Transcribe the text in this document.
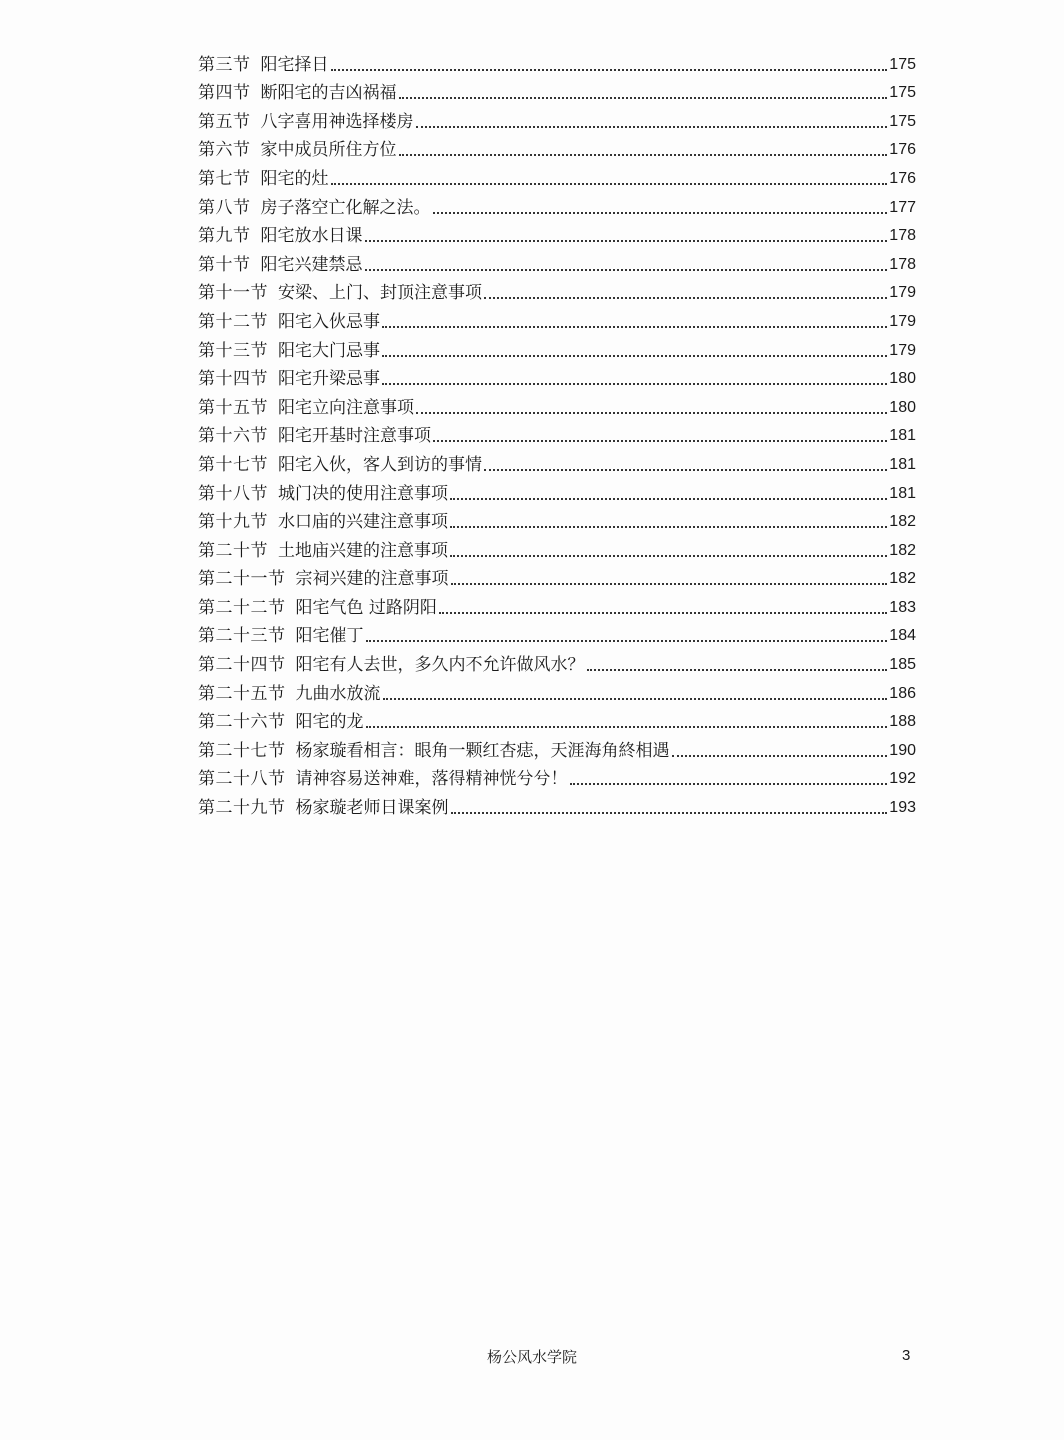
第三节 阳宅择日	175
第四节 断阳宅的吉凶祸福	175
第五节 八字喜用神选择楼房	175
第六节 家中成员所住方位	176
第七节 阳宅的灶	176
第八节 房子落空亡化解之法。	177
第九节 阳宅放水日课	178
第十节 阳宅兴建禁忌	178
第十一节 安梁、上门、封顶注意事项	179
第十二节 阳宅入伙忌事	179
第十三节 阳宅大门忌事	179
第十四节 阳宅升梁忌事	180
第十五节 阳宅立向注意事项	180
第十六节 阳宅开基时注意事项	181
第十七节 阳宅入伙，客人到访的事情	181
第十八节 城门决的使用注意事项	181
第十九节 水口庙的兴建注意事项	182
第二十节 土地庙兴建的注意事项	182
第二十一节 宗祠兴建的注意事项	182
第二十二节 阳宅气色 过路阴阳	183
第二十三节 阳宅催丁	184
第二十四节 阳宅有人去世，多久内不允许做风水？	185
第二十五节 九曲水放流	186
第二十六节 阳宅的龙	188
第二十七节 杨家璇看相言：眼角一颗红杏痣，天涯海角終相遇	190
第二十八节 请神容易送神难，落得精神恍兮兮！	192
第二十九节 杨家璇老师日课案例	193
杨公风水学院	3
